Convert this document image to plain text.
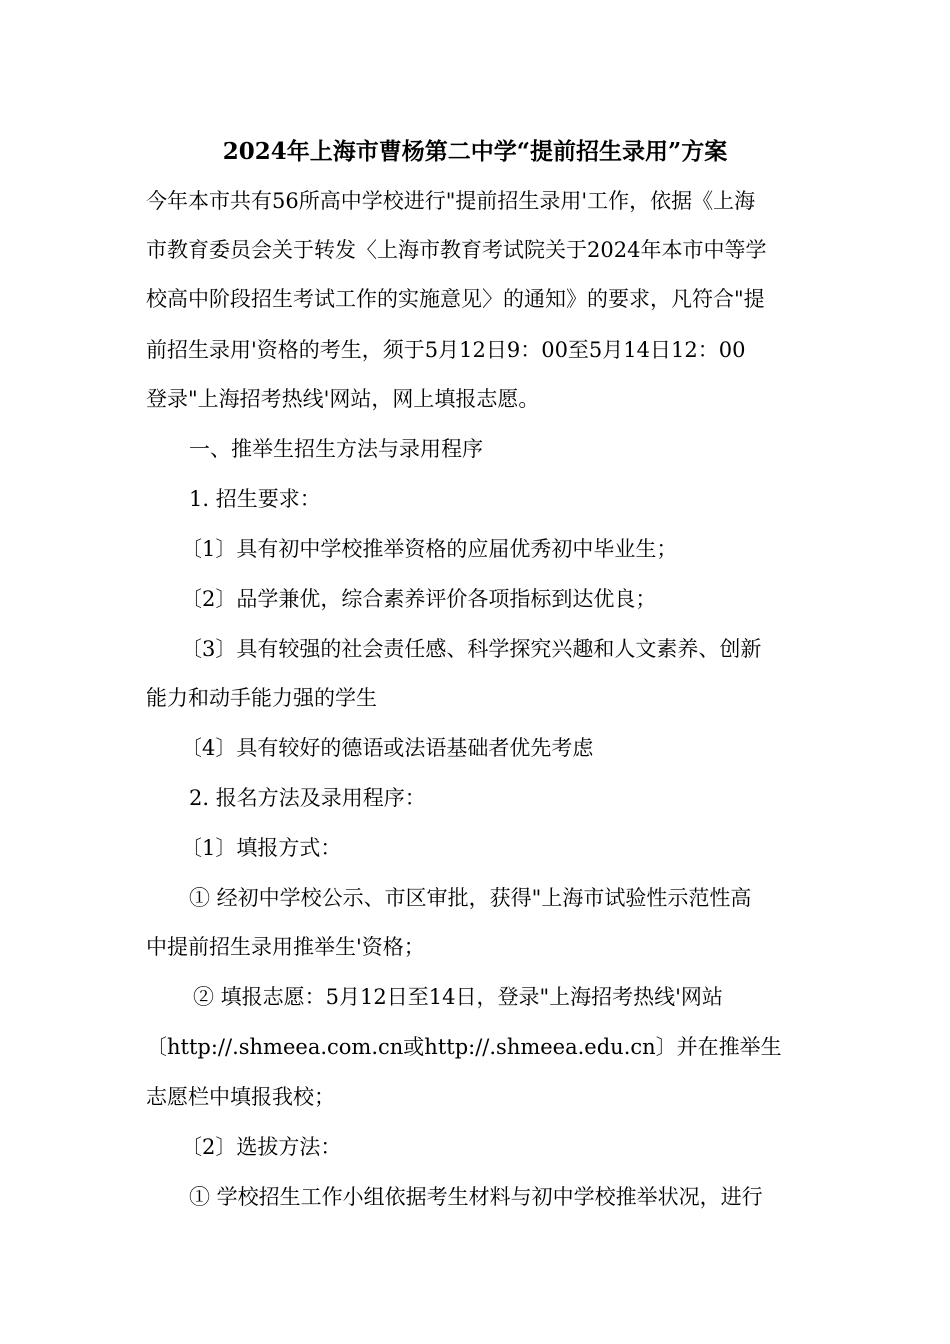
2024年上海市曹杨第二中学“提前招生录用”方案
今年本市共有56所高中学校进行"提前招生录用'工作，依据《上海
市教育委员会关于转发〈上海市教育考试院关于2024年本市中等学
校高中阶段招生考试工作的实施意见〉的通知》的要求，凡符合"提
前招生录用'资格的考生，须于5月12日9：00至5月14日12：00
登录"上海招考热线'网站，网上填报志愿。
一、推举生招生方法与录用程序
1. 招生要求：
〔1〕具有初中学校推举资格的应届优秀初中毕业生；
〔2〕品学兼优，综合素养评价各项指标到达优良；
〔3〕具有较强的社会责任感、科学探究兴趣和人文素养、创新
能力和动手能力强的学生
〔4〕具有较好的德语或法语基础者优先考虑
2. 报名方法及录用程序：
〔1〕填报方式：
① 经初中学校公示、市区审批，获得"上海市试验性示范性高
中提前招生录用推举生'资格；
② 填报志愿：5月12日至14日，登录"上海招考热线'网站
〔http://.shmeea.com.cn或http://.shmeea.edu.cn〕并在推举生
志愿栏中填报我校；
〔2〕选拔方法：
① 学校招生工作小组依据考生材料与初中学校推举状况，进行
